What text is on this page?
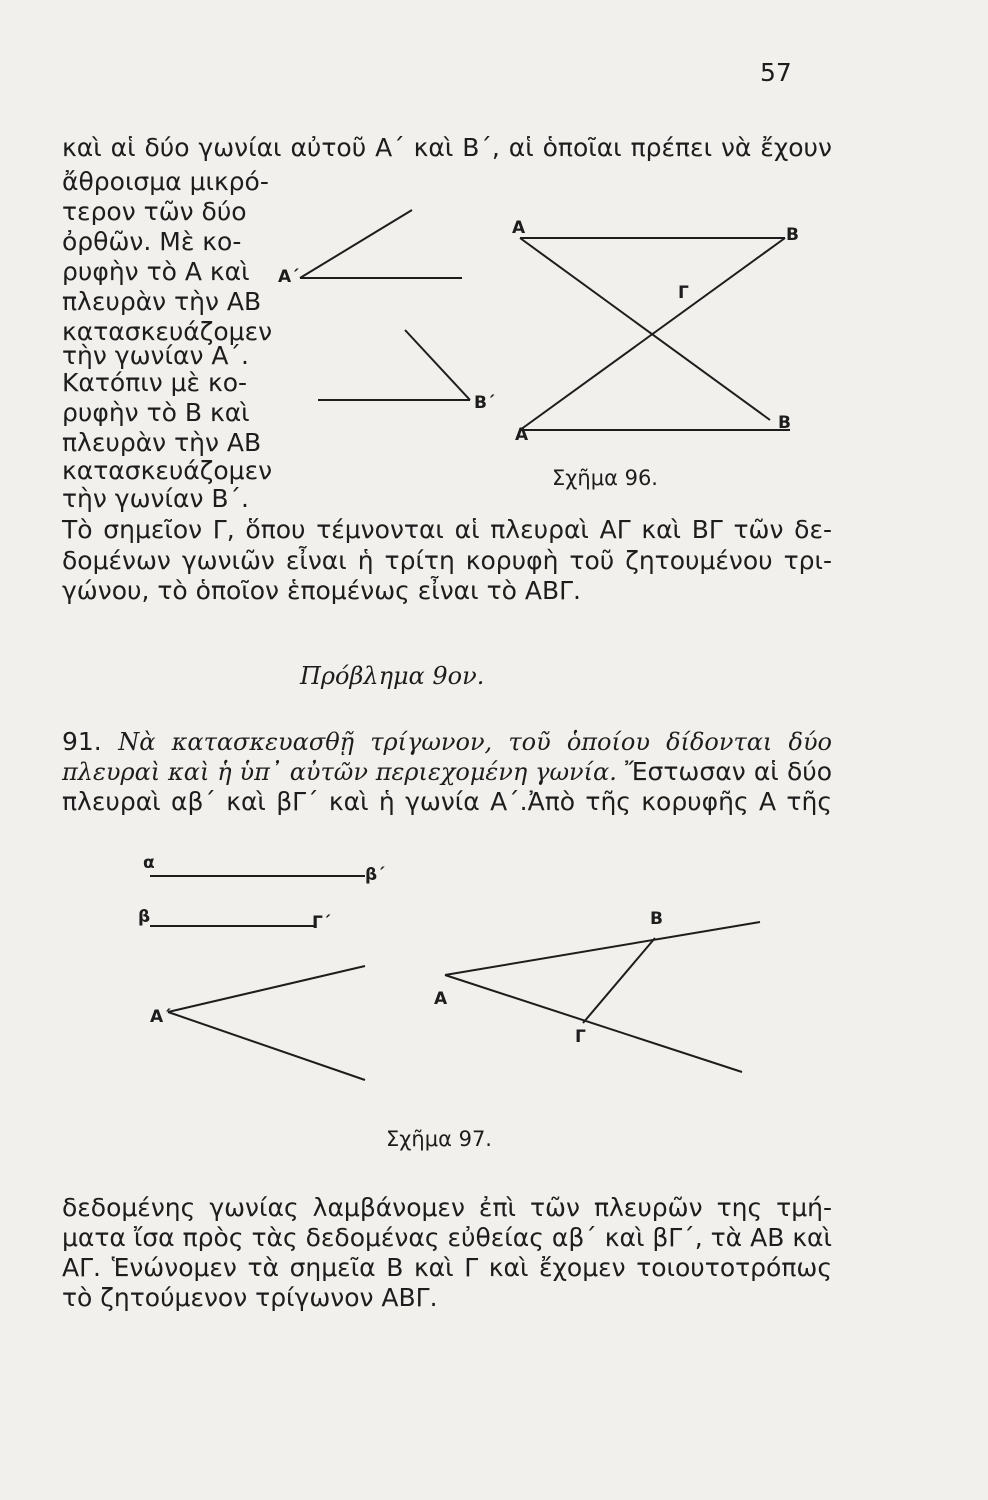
57
καὶ αἱ δύο γωνίαι αὐτοῦ Α΄ καὶ Β΄, αἱ ὁποῖαι πρέπει νὰ ἔχουν
ἄθροισμα μικρό-
τερον τῶν δύο
ὀρθῶν. Μὲ κο-
ρυφὴν τὸ Α καὶ
πλευρὰν τὴν ΑΒ
κατασκευάζομεν
τὴν γωνίαν Α΄.
Κατόπιν μὲ κο-
ρυφὴν τὸ Β καὶ
πλευρὰν τὴν ΑΒ
κατασκευάζομεν
τὴν γωνίαν Β΄.
Τὸ σημεῖον Γ, ὅπου τέμνονται αἱ πλευραὶ ΑΓ καὶ ΒΓ τῶν δε-
δομένων γωνιῶν εἶναι ἡ τρίτη κορυφὴ τοῦ ζητουμένου τρι-
γώνου, τὸ ὁποῖον ἑπομένως εἶναι τὸ ΑΒΓ.
Α΄
Β΄
Α	Β
Α
Β
Γ
Σχῆμα 96.
Πρόβλημα 9ον.
91. Νὰ κατασκευασθῇ τρίγωνον, τοῦ ὁποίου δίδονται δύο
πλευραὶ καὶ ἡ ὑπ᾽ αὐτῶν περιεχομένη γωνία. Ἔστωσαν αἱ δύο
πλευραὶ αβ΄ καὶ βΓ΄ καὶ ἡ γωνία Α΄.Ἀπὸ τῆς κορυφῆς Α τῆς
α
β΄
β	Γ΄
Α΄
Α
Β
Γ
Σχῆμα 97.
δεδομένης γωνίας λαμβάνομεν ἐπὶ τῶν πλευρῶν της τμή-
ματα ἴσα πρὸς τὰς δεδομένας εὐθείας αβ΄ καὶ βΓ΄, τὰ ΑΒ καὶ
ΑΓ. Ἑνώνομεν τὰ σημεῖα Β καὶ Γ καὶ ἔχομεν τοιουτοτρόπως
τὸ ζητούμενον τρίγωνον ΑΒΓ.
